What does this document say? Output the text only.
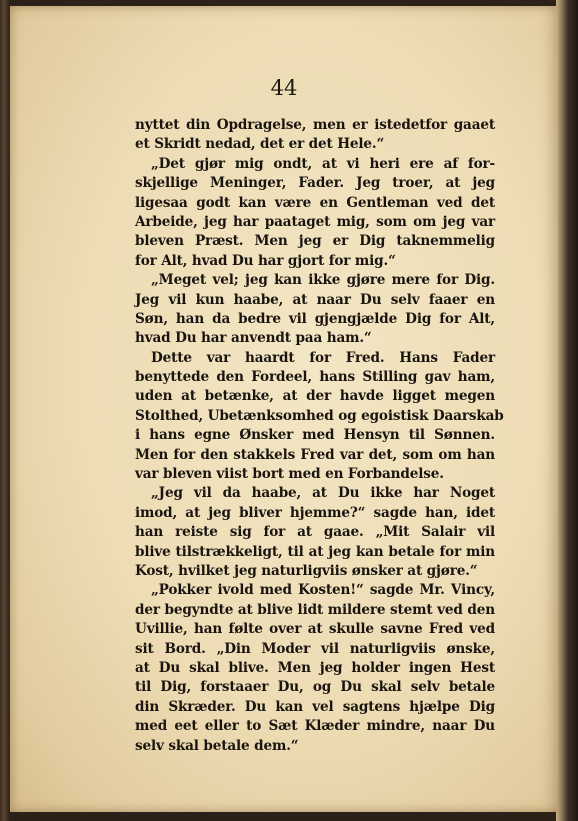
44
nyttet din Opdragelse, men er istedetfor gaaet
et Skridt nedad, det er det Hele.“
„Det gjør mig ondt, at vi heri ere af for-
skjellige Meninger, Fader. Jeg troer, at jeg
ligesaa godt kan være en Gentleman ved det
Arbeide, jeg har paataget mig, som om jeg var
bleven Præst. Men jeg er Dig taknemmelig
for Alt, hvad Du har gjort for mig.“
„Meget vel; jeg kan ikke gjøre mere for Dig.
Jeg vil kun haabe, at naar Du selv faaer en
Søn, han da bedre vil gjengjælde Dig for Alt,
hvad Du har anvendt paa ham.“
Dette var haardt for Fred. Hans Fader
benyttede den Fordeel, hans Stilling gav ham,
uden at betænke, at der havde ligget megen
Stolthed, Ubetænksomhed og egoistisk Daarskab
i hans egne Ønsker med Hensyn til Sønnen.
Men for den stakkels Fred var det, som om han
var bleven viist bort med en Forbandelse.
„Jeg vil da haabe, at Du ikke har Noget
imod, at jeg bliver hjemme?“ sagde han, idet
han reiste sig for at gaae. „Mit Salair vil
blive tilstrækkeligt, til at jeg kan betale for min
Kost, hvilket jeg naturligviis ønsker at gjøre.“
„Pokker ivold med Kosten!“ sagde Mr. Vincy,
der begyndte at blive lidt mildere stemt ved den
Uvillie, han følte over at skulle savne Fred ved
sit Bord. „Din Moder vil naturligviis ønske,
at Du skal blive. Men jeg holder ingen Hest
til Dig, forstaaer Du, og Du skal selv betale
din Skræder. Du kan vel sagtens hjælpe Dig
med eet eller to Sæt Klæder mindre, naar Du
selv skal betale dem.“
